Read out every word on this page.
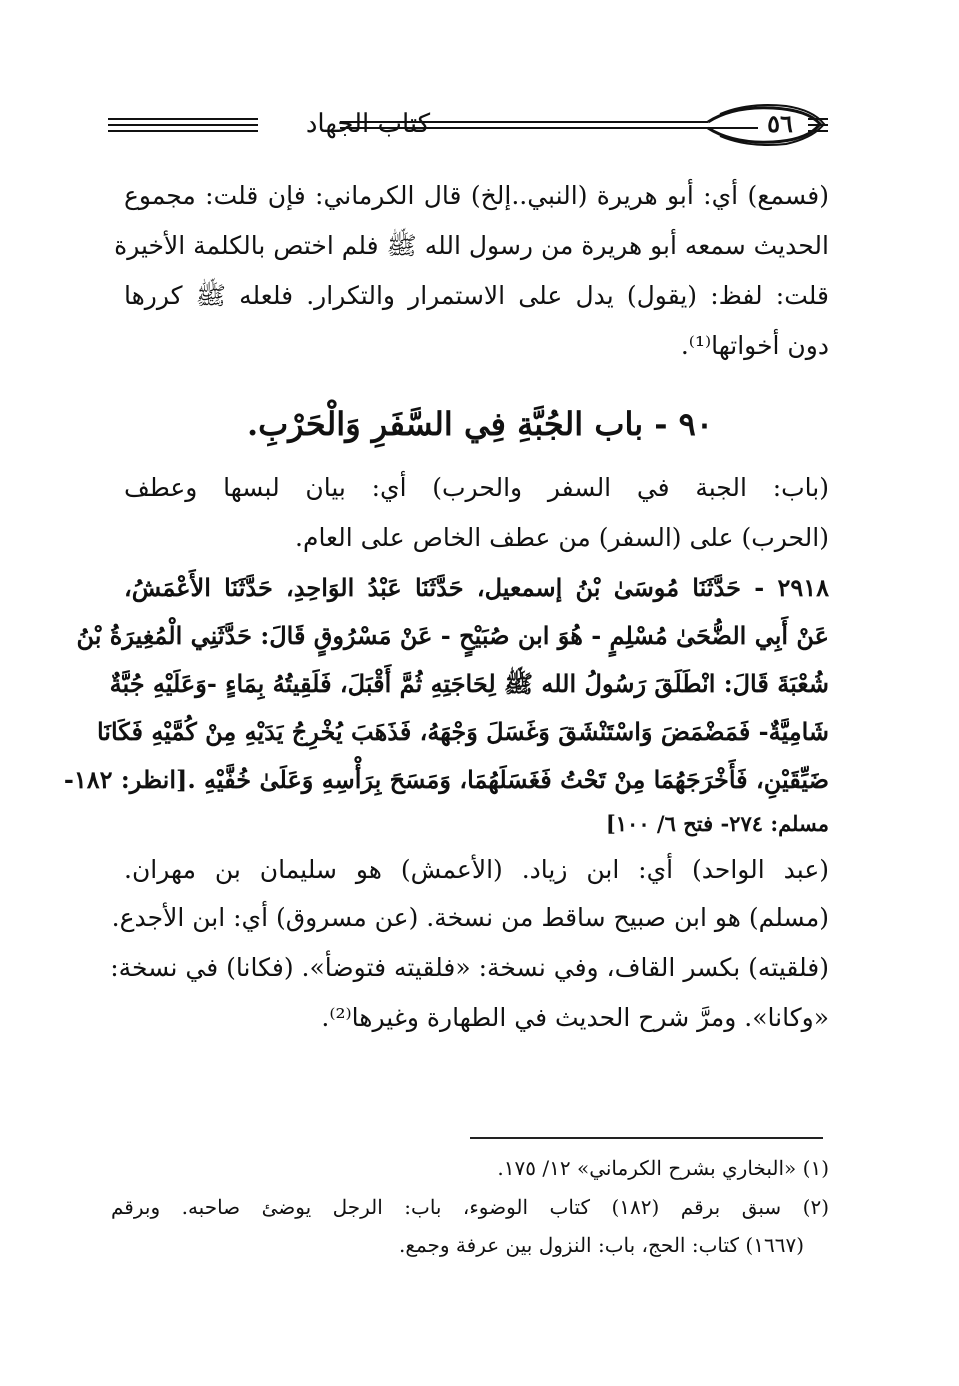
كتاب الجهاد	٥٦
(فسمع) أي: أبو هريرة (النبي..إلخ) قال الكرماني: فإن قلت: مجموع
الحديث سمعه أبو هريرة من رسول الله ﷺ فلم اختص بالكلمة الأخيرة
قلت: لفظ: (يقول) يدل على الاستمرار والتكرار. فلعله ﷺ كررها
دون أخواتها⁽¹⁾.
٩٠ - باب الجُبَّةِ فِي السَّفَرِ وَالْحَرْبِ.
(باب: الجبة في السفر والحرب) أي: بيان لبسها وعطف
(الحرب) على (السفر) من عطف الخاص على العام.
٢٩١٨ - حَدَّثَنَا مُوسَىٰ بْنُ إسمعيل، حَدَّثَنَا عَبْدُ الوَاحِدِ، حَدَّثَنَا الأَعْمَشُ،
عَنْ أَبِي الضُّحَىٰ مُسْلِمٍ - هُوَ ابن صُبَيْحٍ - عَنْ مَسْرُوقٍ قَالَ: حَدَّثَنِي الْمُغِيرَةُ بْنُ
شُعْبَةَ قَالَ: انْطَلَقَ رَسُولُ الله ﷺ لِحَاجَتِهِ ثُمَّ أَقْبَلَ، فَلَقِيتُهُ بِمَاءٍ -وَعَلَيْهِ جُبَّةٌ
شَامِيَّةٌ- فَمَضْمَضَ وَاسْتَنْشَقَ وَغَسَلَ وَجْهَهُ، فَذَهَبَ يُخْرِجُ يَدَيْهِ مِنْ كُمَّيْهِ فَكَانَا
ضَيِّقَيْنِ، فَأَخْرَجَهُمَا مِنْ تَحْتُ فَغَسَلَهُمَا، وَمَسَحَ بِرَأْسِهِ وَعَلَىٰ خُفَّيْهِ .[انظر: ١٨٢-
مسلم: ٢٧٤- فتح ٦/ ١٠٠]
(عبد الواحد) أي: ابن زياد. (الأعمش) هو سليمان بن مهران.
(مسلم) هو ابن صبيح ساقط من نسخة. (عن مسروق) أي: ابن الأجدع.
(فلقيته) بكسر القاف، وفي نسخة: «فلقيته فتوضأ». (فكانا) في نسخة:
«وكانا». ومرَّ شرح الحديث في الطهارة وغيرها⁽²⁾.
(١) «البخاري بشرح الكرماني» ١٢/ ١٧٥.
(٢) سبق برقم (١٨٢) كتاب الوضوء، باب: الرجل يوضئ صاحبه. وبرقم
(١٦٦٧) كتاب: الحج، باب: النزول بين عرفة وجمع.
